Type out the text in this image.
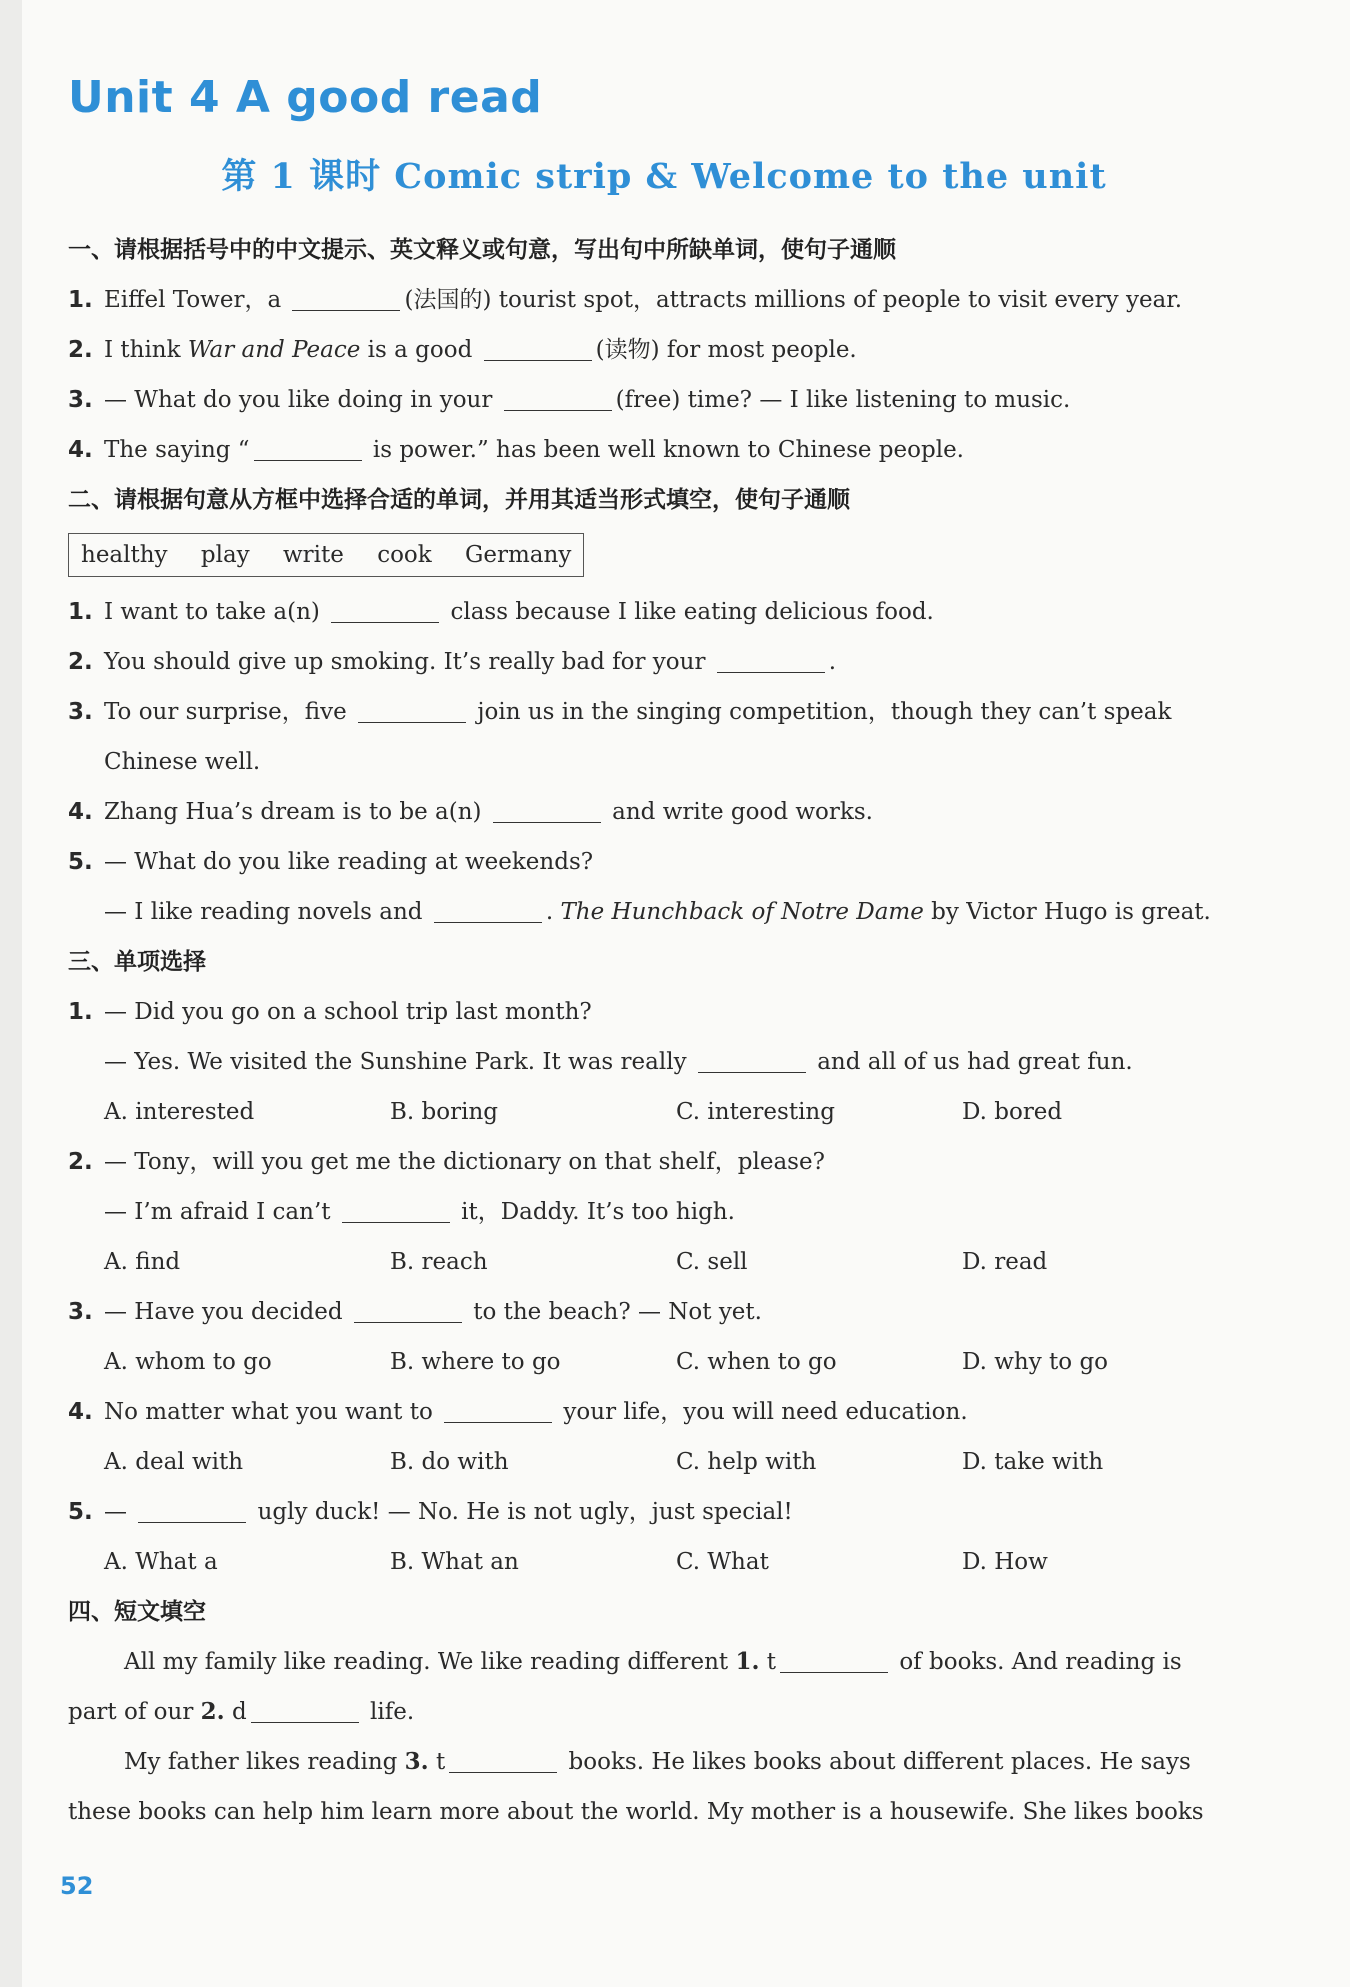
Unit 4 A good read
第 1 课时 Comic strip & Welcome to the unit
一、请根据括号中的中文提示、英文释义或句意，写出句中所缺单词，使句子通顺
1. Eiffel Tower，a	(法国的) tourist spot，attracts millions of people to visit every year.
2. I think War and Peace is a good	(读物) for most people.
3. — What do you like doing in your	(free) time? — I like listening to music.
4. The saying “	is power.” has been well known to Chinese people.
二、请根据句意从方框中选择合适的单词，并用其适当形式填空，使句子通顺
healthy play write cook Germany
1. I want to take a(n)	class because I like eating delicious food.
2. You should give up smoking. It’s really bad for your	.
3. To our surprise，five	join us in the singing competition，though they can’t speak
Chinese well.
4. Zhang Hua’s dream is to be a(n)	and write good works.
5. — What do you like reading at weekends?
— I like reading novels and	. The Hunchback of Notre Dame by Victor Hugo is great.
三、单项选择
1. — Did you go on a school trip last month?
— Yes. We visited the Sunshine Park. It was really	and all of us had great fun.
A. interested	B. boring	C. interesting	D. bored
2. — Tony，will you get me the dictionary on that shelf，please?
— I’m afraid I can’t	it，Daddy. It’s too high.
A. find	B. reach	C. sell	D. read
3. — Have you decided	to the beach? — Not yet.
A. whom to go	B. where to go	C. when to go	D. why to go
4. No matter what you want to	your life，you will need education.
A. deal with	B. do with	C. help with	D. take with
5. —	ugly duck! — No. He is not ugly，just special!
A. What a	B. What an	C. What	D. How
四、短文填空
All my family like reading. We like reading different 1. t	of books. And reading is
part of our 2. d	life.
My father likes reading 3. t	books. He likes books about different places. He says
these books can help him learn more about the world. My mother is a housewife. She likes books
52
